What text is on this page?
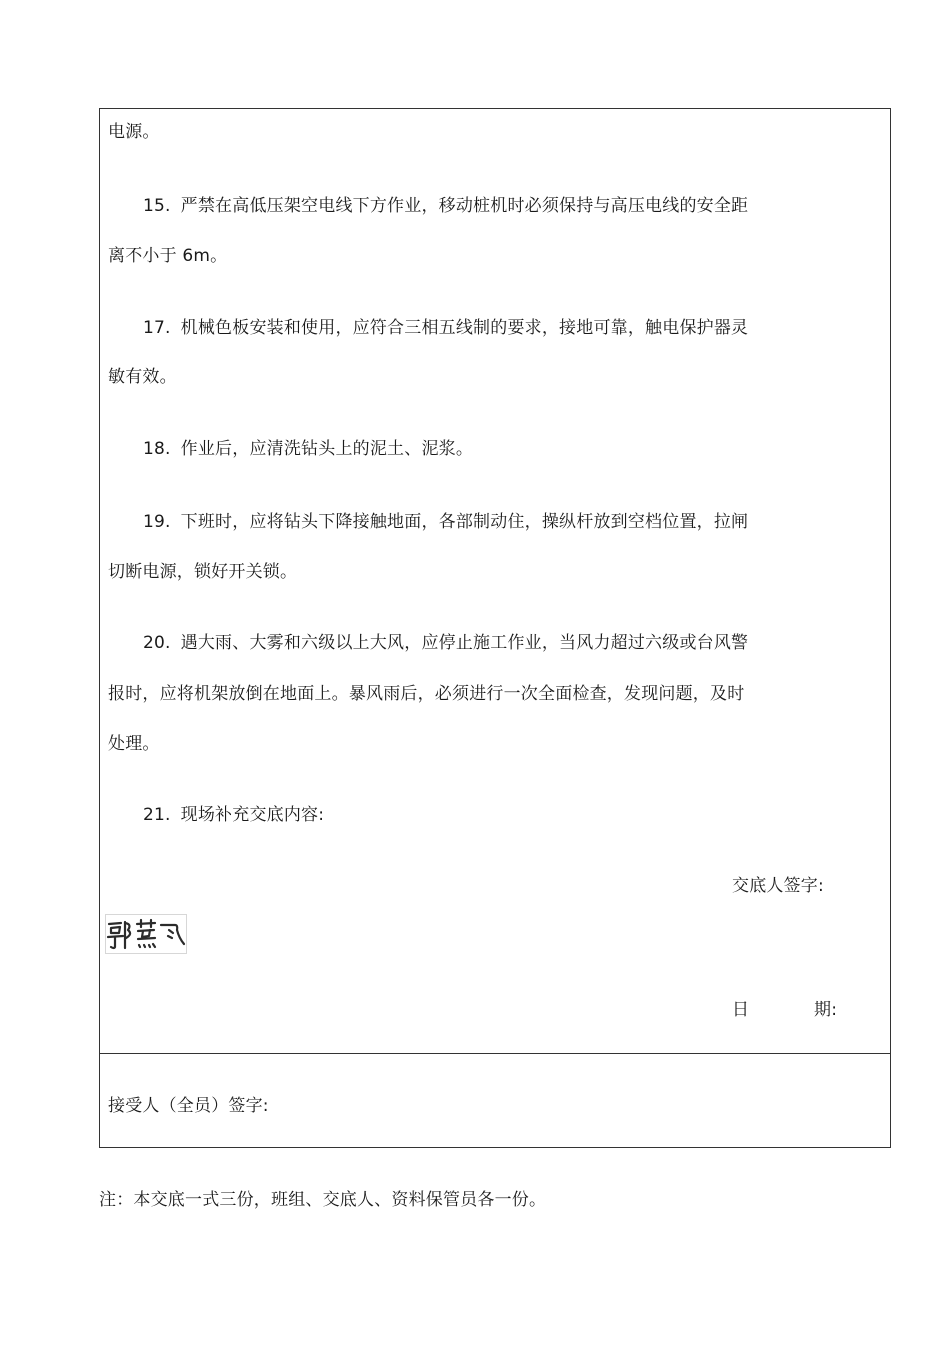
电源。
15. 严禁在高低压架空电线下方作业，移动桩机时必须保持与高压电线的安全距
离不小于 6m。
17. 机械色板安装和使用，应符合三相五线制的要求，接地可靠，触电保护器灵
敏有效。
18. 作业后，应清洗钻头上的泥土、泥浆。
19. 下班时，应将钻头下降接触地面，各部制动住，操纵杆放到空档位置，拉闸
切断电源，锁好开关锁。
20. 遇大雨、大雾和六级以上大风，应停止施工作业，当风力超过六级或台风警
报时，应将机架放倒在地面上。暴风雨后，必须进行一次全面检查，发现问题，及时
处理。
21. 现场补充交底内容:
交底人签字:
日	期:
接受人（全员）签字:
注：本交底一式三份，班组、交底人、资料保管员各一份。
